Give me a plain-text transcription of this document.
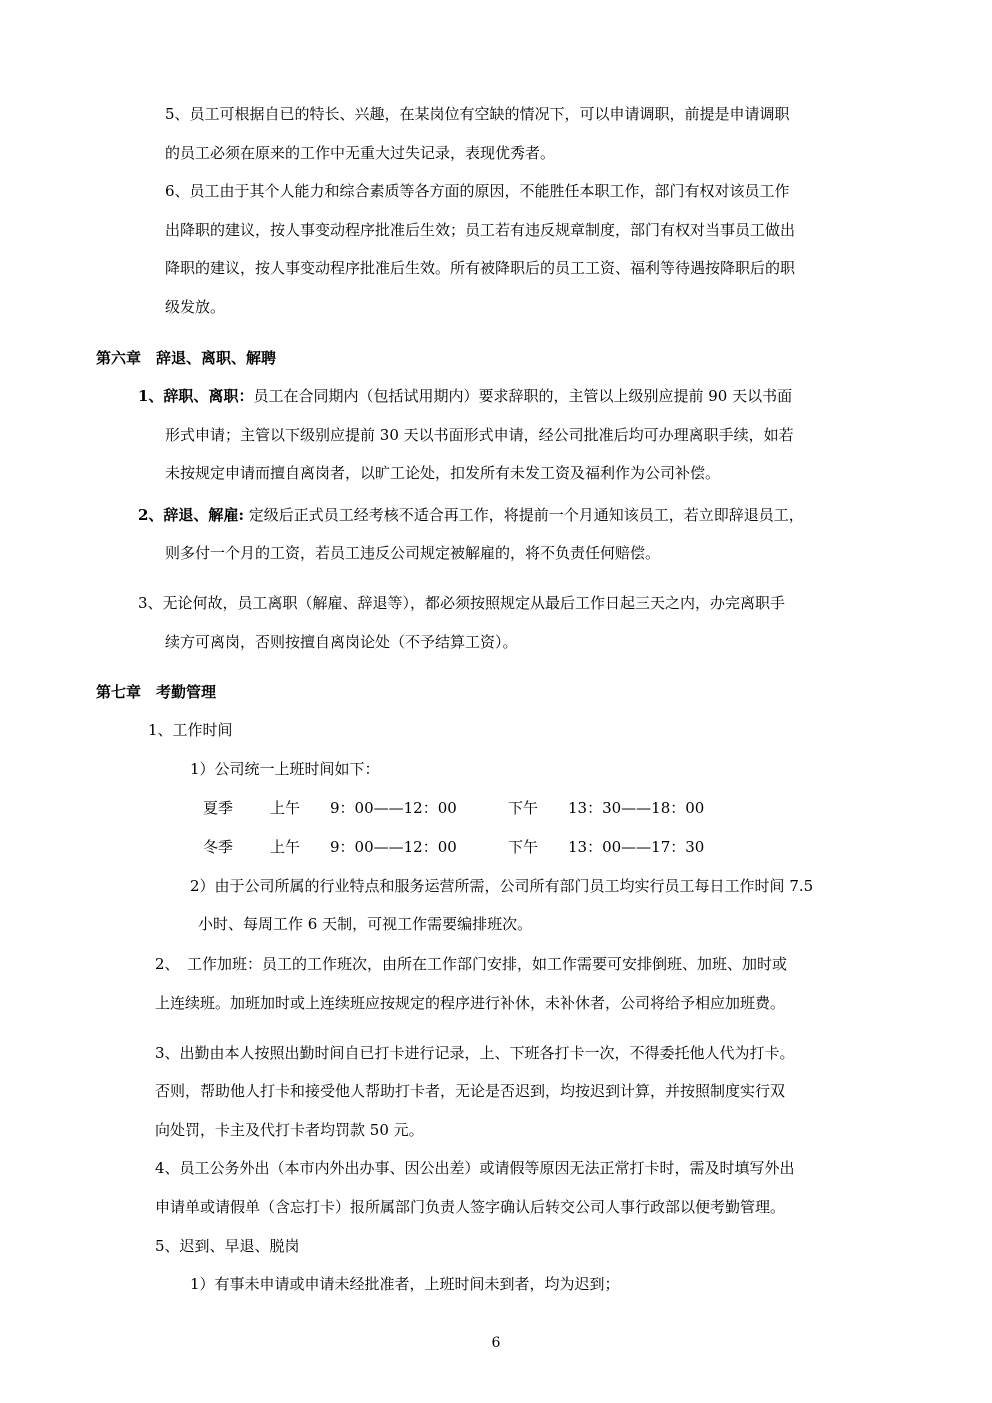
5、员工可根据自已的特长、兴趣，在某岗位有空缺的情况下，可以申请调职，前提是申请调职
的员工必须在原来的工作中无重大过失记录，表现优秀者。
6、员工由于其个人能力和综合素质等各方面的原因，不能胜任本职工作，部门有权对该员工作
出降职的建议，按人事变动程序批准后生效；员工若有违反规章制度，部门有权对当事员工做出
降职的建议，按人事变动程序批准后生效。所有被降职后的员工工资、福利等待遇按降职后的职
级发放。
第六章　辞退、离职、解聘
1、辞职、离职：员工在合同期内（包括试用期内）要求辞职的，主管以上级别应提前 90 天以书面
形式申请；主管以下级别应提前 30 天以书面形式申请，经公司批准后均可办理离职手续，如若
未按规定申请而擅自离岗者，以旷工论处，扣发所有未发工资及福利作为公司补偿。
2、辞退、解雇: 定级后正式员工经考核不适合再工作，将提前一个月通知该员工，若立即辞退员工，
则多付一个月的工资，若员工违反公司规定被解雇的，将不负责任何赔偿。
3、无论何故，员工离职（解雇、辞退等），都必须按照规定从最后工作日起三天之内，办完离职手
续方可离岗，否则按擅自离岗论处（不予结算工资）。
第七章　考勤管理
1、工作时间
1）公司统一上班时间如下：
夏季 上午 9：00——12：00	下午 13：30——18：00
冬季 上午 9：00——12：00	下午 13：00——17：30
2）由于公司所属的行业特点和服务运营所需，公司所有部门员工均实行员工每日工作时间 7.5
小时、每周工作 6 天制，可视工作需要编排班次。
2、　工作加班：员工的工作班次，由所在工作部门安排，如工作需要可安排倒班、加班、加时或
上连续班。加班加时或上连续班应按规定的程序进行补休，未补休者，公司将给予相应加班费。
3、出勤由本人按照出勤时间自已打卡进行记录，上、下班各打卡一次，不得委托他人代为打卡。
否则，帮助他人打卡和接受他人帮助打卡者，无论是否迟到，均按迟到计算，并按照制度实行双
向处罚，卡主及代打卡者均罚款 50 元。
4、员工公务外出（本市内外出办事、因公出差）或请假等原因无法正常打卡时，需及时填写外出
申请单或请假单（含忘打卡）报所属部门负责人签字确认后转交公司人事行政部以便考勤管理。
5、迟到、早退、脱岗
1）有事未申请或申请未经批准者，上班时间未到者，均为迟到；
6
